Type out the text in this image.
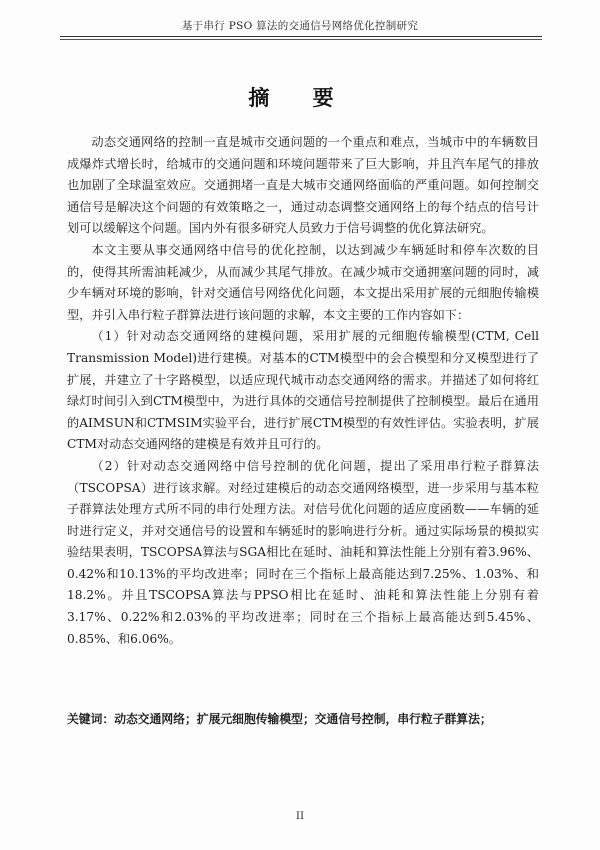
基于串行 PSO 算法的交通信号网络优化控制研究
摘 要

动态交通网络的控制一直是城市交通问题的一个重点和难点，当城市中的车辆数目成爆炸式增长时，给城市的交通问题和环境问题带来了巨大影响，并且汽车尾气的排放也加剧了全球温室效应。交通拥堵一直是大城市交通网络面临的严重问题。如何控制交通信号是解决这个问题的有效策略之一，通过动态调整交通网络上的每个结点的信号计划可以缓解这个问题。国内外有很多研究人员致力于信号调整的优化算法研究。

本文主要从事交通网络中信号的优化控制，以达到减少车辆延时和停车次数的目的，使得其所需油耗减少，从而减少其尾气排放。在减少城市交通拥塞问题的同时，减少车辆对环境的影响，针对交通信号网络优化问题，本文提出采用扩展的元细胞传输模型，并引入串行粒子群算法进行该问题的求解，本文主要的工作内容如下：

（1）针对动态交通网络的建模问题，采用扩展的元细胞传输模型(CTM, Cell Transmission Model)进行建模。对基本的CTM模型中的会合模型和分叉模型进行了扩展，并建立了十字路模型，以适应现代城市动态交通网络的需求。并描述了如何将红绿灯时间引入到CTM模型中，为进行具体的交通信号控制提供了控制模型。最后在通用的AIMSUN和CTMSIM实验平台，进行扩展CTM模型的有效性评估。实验表明，扩展CTM对动态交通网络的建模是有效并且可行的。

（2）针对动态交通网络中信号控制的优化问题，提出了采用串行粒子群算法（TSCOPSA）进行该求解。对经过建模后的动态交通网络模型，进一步采用与基本粒子群算法处理方式所不同的串行处理方法。对信号优化问题的适应度函数——车辆的延时进行定义，并对交通信号的设置和车辆延时的影响进行分析。通过实际场景的模拟实验结果表明，TSCOPSA算法与SGA相比在延时、油耗和算法性能上分别有着3.96%、0.42%和10.13%的平均改进率；同时在三个指标上最高能达到7.25%、1.03%、和18.2%。并且TSCOPSA算法与PPSO相比在延时、油耗和算法性能上分别有着3.17%、0.22%和2.03%的平均改进率；同时在三个指标上最高能达到5.45%、0.85%、和6.06%。

关键词：动态交通网络；扩展元细胞传输模型；交通信号控制，串行粒子群算法；
II
